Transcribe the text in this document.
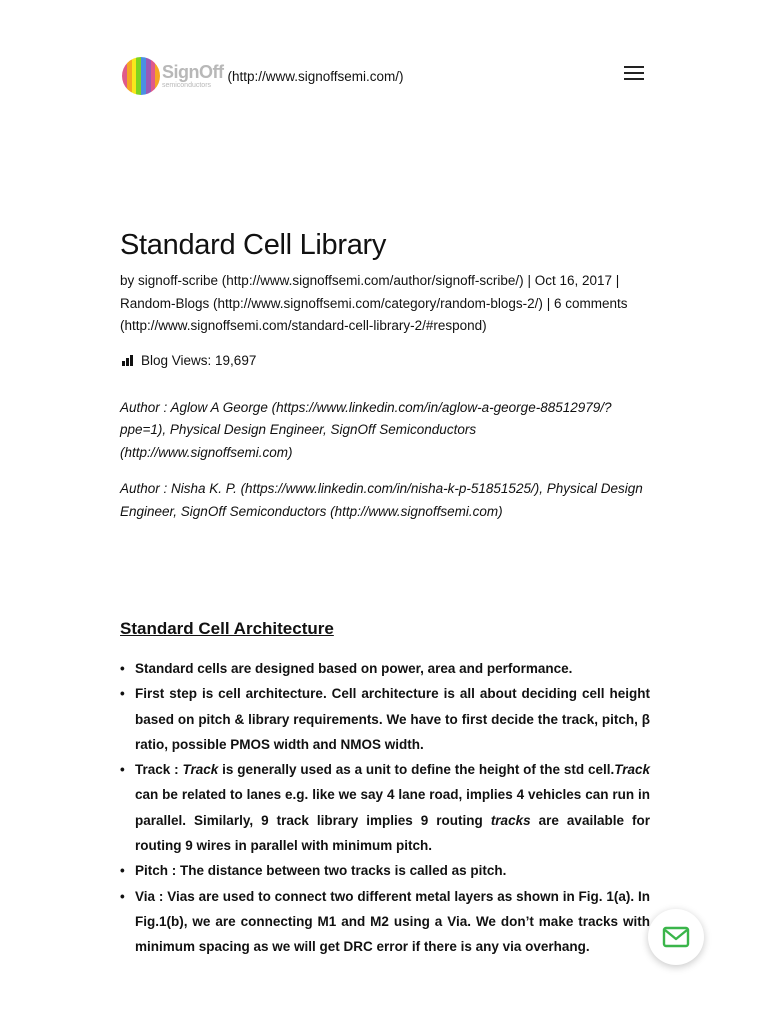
SignOff
semiconductors
(http://www.signoffsemi.com/)
Standard Cell Library

by signoff-scribe (http://www.signoffsemi.com/author/signoff-scribe/) | Oct 16, 2017 | Random-Blogs (http://www.signoffsemi.com/category/random-blogs-2/) | 6 comments (http://www.signoffsemi.com/standard-cell-library-2/#respond)

Blog Views: 19,697

Author : Aglow A George (https://www.linkedin.com/in/aglow-a-george-88512979/?ppe=1), Physical Design Engineer, SignOff Semiconductors (http://www.signoffsemi.com)

Author : Nisha K. P. (https://www.linkedin.com/in/nisha-k-p-51851525/), Physical Design Engineer, SignOff Semiconductors (http://www.signoffsemi.com)

Standard Cell Architecture
• Standard cells are designed based on power, area and performance.
• First step is cell architecture. Cell architecture is all about deciding cell height based on pitch & library requirements. We have to first decide the track, pitch, β ratio, possible PMOS width and NMOS width.
• Track : Track is generally used as a unit to define the height of the std cell.Track can be related to lanes e.g. like we say 4 lane road, implies 4 vehicles can run in parallel. Similarly, 9 track library implies 9 routing tracks are available for routing 9 wires in parallel with minimum pitch.
• Pitch : The distance between two tracks is called as pitch.
• Via : Vias are used to connect two different metal layers as shown in Fig. 1(a). In Fig.1(b), we are connecting M1 and M2 using a Via. We don’t make tracks with minimum spacing as we will get DRC error if there is any via overhang.
